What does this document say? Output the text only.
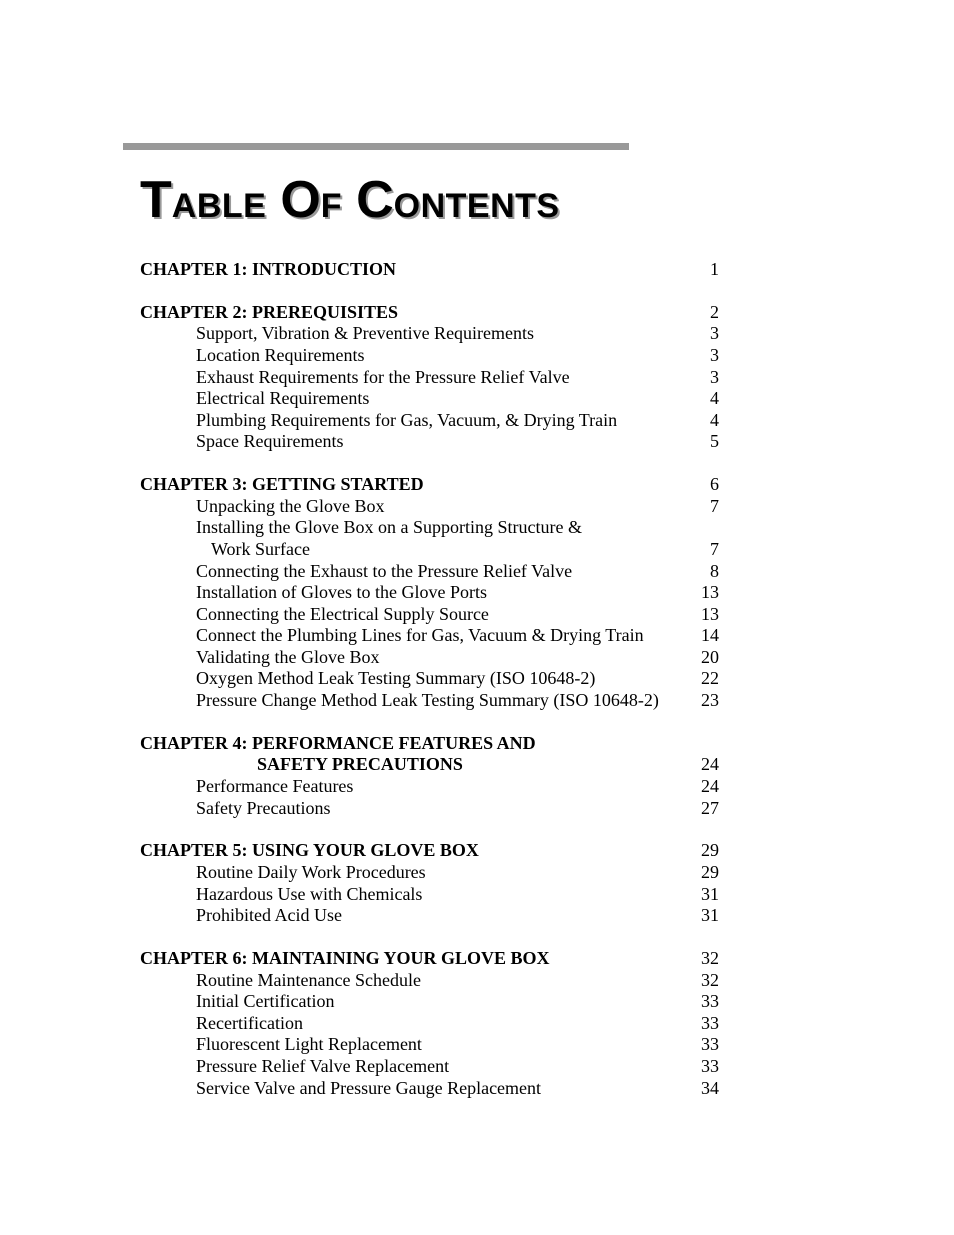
TABLE OF CONTENTS
CHAPTER 1: INTRODUCTION	1
CHAPTER 2: PREREQUISITES	2
Support, Vibration & Preventive Requirements	3
Location Requirements	3
Exhaust Requirements for the Pressure Relief Valve	3
Electrical Requirements	4
Plumbing Requirements for Gas, Vacuum, & Drying Train	4
Space Requirements	5
CHAPTER 3: GETTING STARTED	6
Unpacking the Glove Box	7
Installing the Glove Box on a Supporting Structure &
Work Surface	7
Connecting the Exhaust to the Pressure Relief Valve	8
Installation of Gloves to the Glove Ports	13
Connecting the Electrical Supply Source	13
Connect the Plumbing Lines for Gas, Vacuum & Drying Train	14
Validating the Glove Box	20
Oxygen Method Leak Testing Summary (ISO 10648-2)	22
Pressure Change Method Leak Testing Summary (ISO 10648-2) 23
CHAPTER 4: PERFORMANCE FEATURES AND
SAFETY PRECAUTIONS	24
Performance Features	24
Safety Precautions	27
CHAPTER 5: USING YOUR GLOVE BOX	29
Routine Daily Work Procedures	29
Hazardous Use with Chemicals	31
Prohibited Acid Use	31
CHAPTER 6: MAINTAINING YOUR GLOVE BOX	32
Routine Maintenance Schedule	32
Initial Certification	33
Recertification	33
Fluorescent Light Replacement	33
Pressure Relief Valve Replacement	33
Service Valve and Pressure Gauge Replacement	34
